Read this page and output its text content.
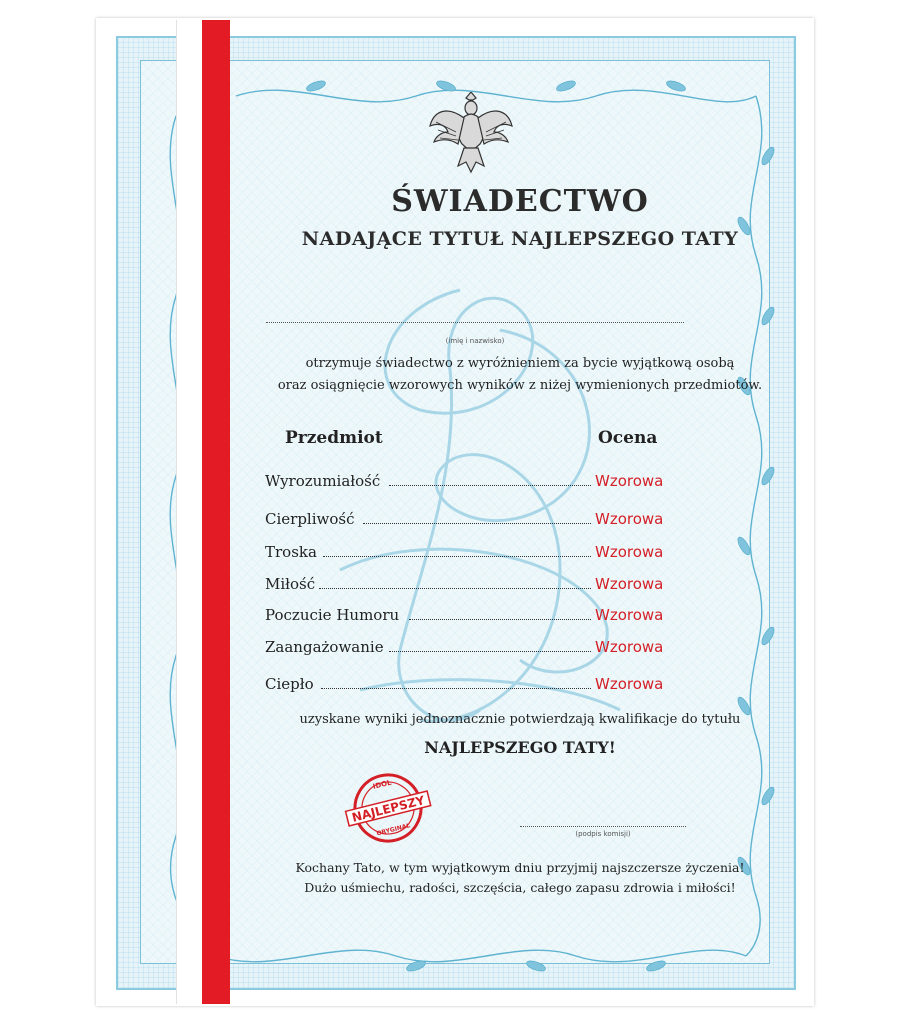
ŚWIADECTWO
NADAJĄCE TYTUŁ NAJLEPSZEGO TATY
(imię i nazwisko)
otrzymuje świadectwo z wyróżnieniem za bycie wyjątkową osobą
oraz osiągnięcie wzorowych wyników z niżej wymienionych przedmiotów.
Przedmiot	Ocena
Wyrozumiałość	Wzorowa
Cierpliwość	Wzorowa
Troska	Wzorowa
Miłość	Wzorowa
Poczucie Humoru	Wzorowa
Zaangażowanie	Wzorowa
Ciepło	Wzorowa
uzyskane wyniki jednoznacznie potwierdzają kwalifikacje do tytułu
NAJLEPSZEGO TATY!
IDOL
NAJLEPSZY
ORYGINAŁ	(podpis komisji)
Kochany Tato, w tym wyjątkowym dniu przyjmij najszczersze życzenia!
Dużo uśmiechu, radości, szczęścia, całego zapasu zdrowia i miłości!
